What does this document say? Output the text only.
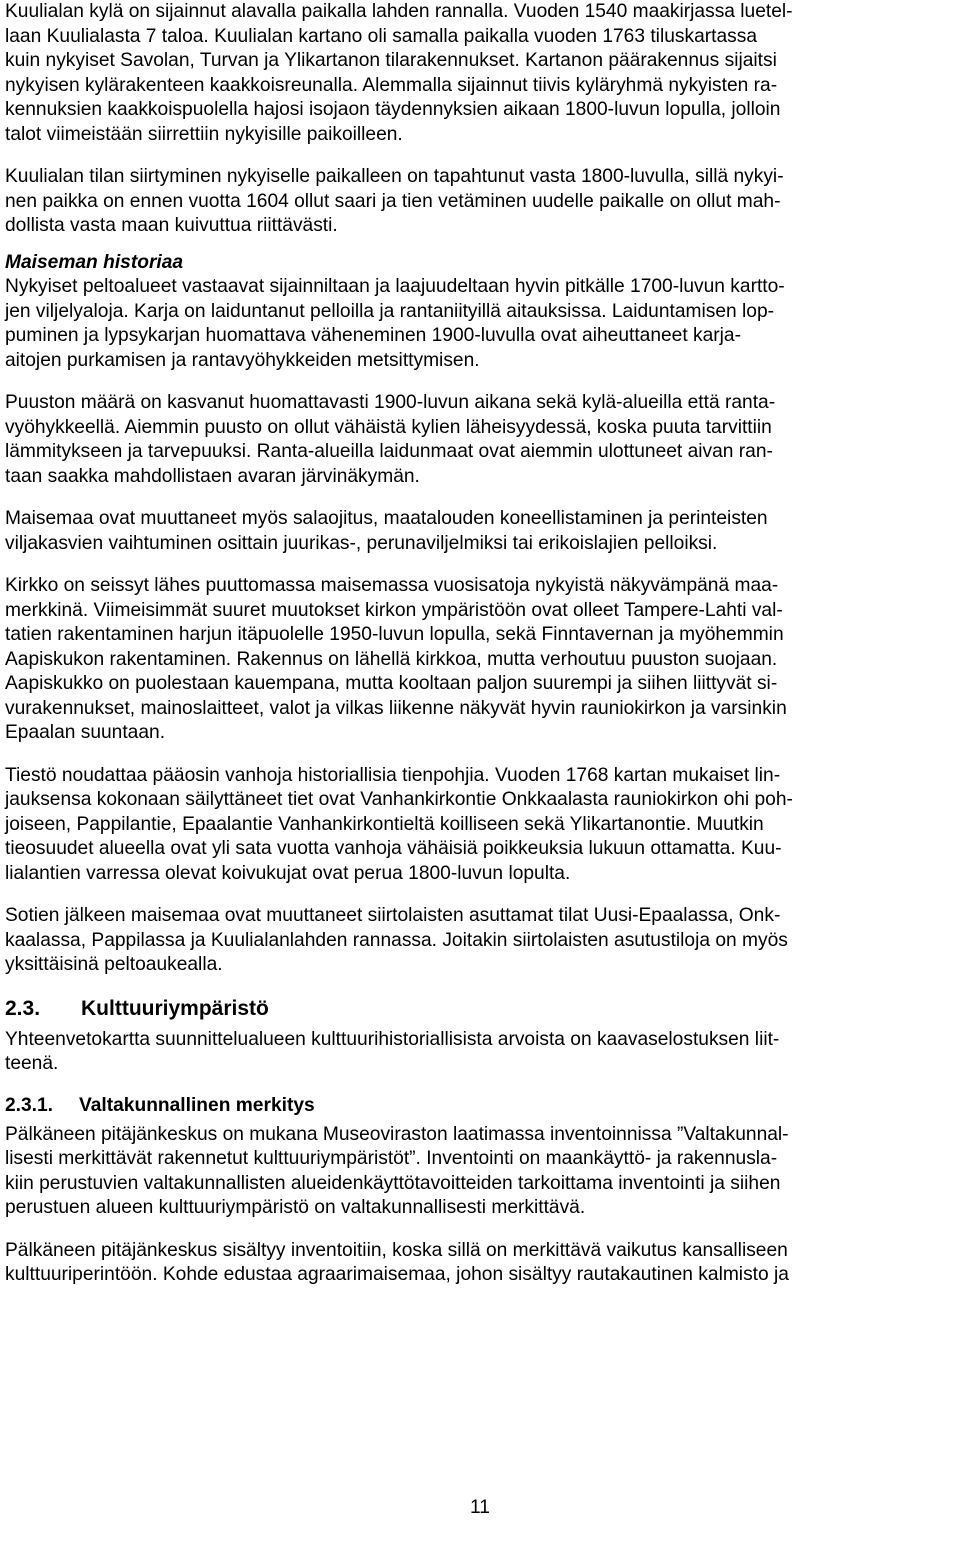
Kuulialan kylä on sijainnut alavalla paikalla lahden rannalla. Vuoden 1540 maakirjassa luetel-
laan Kuulialasta 7 taloa. Kuulialan kartano oli samalla paikalla vuoden 1763 tiluskartassa
kuin nykyiset Savolan, Turvan ja Ylikartanon tilarakennukset. Kartanon päärakennus sijaitsi
nykyisen kylärakenteen kaakkoisreunalla. Alemmalla sijainnut tiivis kyläryhmä nykyisten ra-
kennuksien kaakkoispuolella hajosi isojaon täydennyksien aikaan 1800-luvun lopulla, jolloin
talot viimeistään siirrettiin nykyisille paikoilleen.
Kuulialan tilan siirtyminen nykyiselle paikalleen on tapahtunut vasta 1800-luvulla, sillä nykyi-
nen paikka on ennen vuotta 1604 ollut saari ja tien vetäminen uudelle paikalle on ollut mah-
dollista vasta maan kuivuttua riittävästi.
Maiseman historiaa
Nykyiset peltoalueet vastaavat sijainniltaan ja laajuudeltaan hyvin pitkälle 1700-luvun kartto-
jen viljelyaloja. Karja on laiduntanut pelloilla ja rantaniityillä aitauksissa. Laiduntamisen lop-
puminen ja lypsykarjan huomattava väheneminen 1900-luvulla ovat aiheuttaneet karja-
aitojen purkamisen ja rantavyöhykkeiden metsittymisen.
Puuston määrä on kasvanut huomattavasti 1900-luvun aikana sekä kylä-alueilla että ranta-
vyöhykkeellä. Aiemmin puusto on ollut vähäistä kylien läheisyydessä, koska puuta tarvittiin
lämmitykseen ja tarvepuuksi. Ranta-alueilla laidunmaat ovat aiemmin ulottuneet aivan ran-
taan saakka mahdollistaen avaran järvinäkymän.
Maisemaa ovat muuttaneet myös salaojitus, maatalouden koneellistaminen ja perinteisten
viljakasvien vaihtuminen osittain juurikas-, perunaviljelmiksi tai erikoislajien pelloiksi.
Kirkko on seissyt lähes puuttomassa maisemassa vuosisatoja nykyistä näkyvämpänä maa-
merkkinä. Viimeisimmät suuret muutokset kirkon ympäristöön ovat olleet Tampere-Lahti val-
tatien rakentaminen harjun itäpuolelle 1950-luvun lopulla, sekä Finntavernan ja myöhemmin
Aapiskukon rakentaminen. Rakennus on lähellä kirkkoa, mutta verhoutuu puuston suojaan.
Aapiskukko on puolestaan kauempana, mutta kooltaan paljon suurempi ja siihen liittyvät si-
vurakennukset, mainoslaitteet, valot ja vilkas liikenne näkyvät hyvin rauniokirkon ja varsinkin
Epaalan suuntaan.
Tiestö noudattaa pääosin vanhoja historiallisia tienpohjia. Vuoden 1768 kartan mukaiset lin-
jauksensa kokonaan säilyttäneet tiet ovat Vanhankirkontie Onkkaalasta rauniokirkon ohi poh-
joiseen, Pappilantie, Epaalantie Vanhankirkontieltä koilliseen sekä Ylikartanontie. Muutkin
tieosuudet alueella ovat yli sata vuotta vanhoja vähäisiä poikkeuksia lukuun ottamatta. Kuu-
lialantien varressa olevat koivukujat ovat perua 1800-luvun lopulta.
Sotien jälkeen maisemaa ovat muuttaneet siirtolaisten asuttamat tilat Uusi-Epaalassa, Onk-
kaalassa, Pappilassa ja Kuulialanlahden rannassa. Joitakin siirtolaisten asutustiloja on myös
yksittäisinä peltoaukealla.
2.3. Kulttuuriympäristö
Yhteenvetokartta suunnittelualueen kulttuurihistoriallisista arvoista on kaavaselostuksen liit-
teenä.
2.3.1. Valtakunnallinen merkitys
Pälkäneen pitäjänkeskus on mukana Museoviraston laatimassa inventoinnissa ”Valtakunnal-
lisesti merkittävät rakennetut kulttuuriympäristöt”. Inventointi on maankäyttö- ja rakennusla-
kiin perustuvien valtakunnallisten alueidenkäyttötavoitteiden tarkoittama inventointi ja siihen
perustuen alueen kulttuuriympäristö on valtakunnallisesti merkittävä.
Pälkäneen pitäjänkeskus sisältyy inventoitiin, koska sillä on merkittävä vaikutus kansalliseen
kulttuuriperintöön. Kohde edustaa agraarimaisemaa, johon sisältyy rautakautinen kalmisto ja
11
